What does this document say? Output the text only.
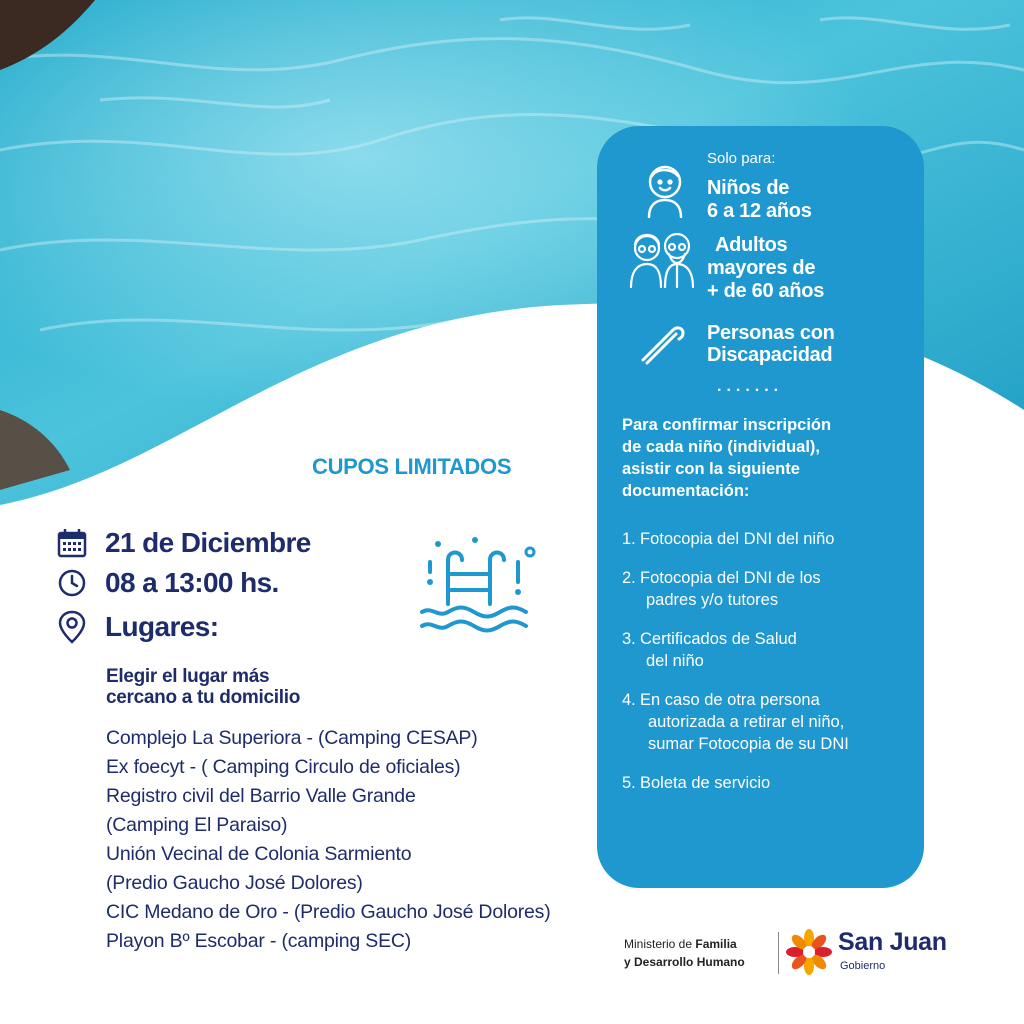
CUPOS LIMITADOS
21 de Diciembre
08 a 13:00 hs.
Lugares:
Elegir el lugar más
cercano a tu domicilio
Complejo La Superiora - (Camping CESAP)
Ex foecyt - ( Camping Circulo de oficiales)
Registro civil del Barrio Valle Grande
(Camping El Paraiso)
Unión Vecinal de Colonia Sarmiento
(Predio Gaucho José Dolores)
CIC Medano de Oro - (Predio Gaucho José Dolores)
Playon Bº Escobar - (camping SEC)
Solo para:
Niños de
6 a 12 años
Adultos
mayores de
+ de 60 años
Personas con
Discapacidad
.......
Para confirmar inscripción
de cada niño (individual),
asistir con la siguiente
documentación:
1. Fotocopia del DNI del niño
2. Fotocopia del DNI de los
padres y/o tutores
3. Certificados de Salud
del niño
4. En caso de otra persona
autorizada a retirar el niño,
sumar Fotocopia de su DNI
5. Boleta de servicio
Ministerio de Familia
y Desarrollo Humano
San Juan
Gobierno
